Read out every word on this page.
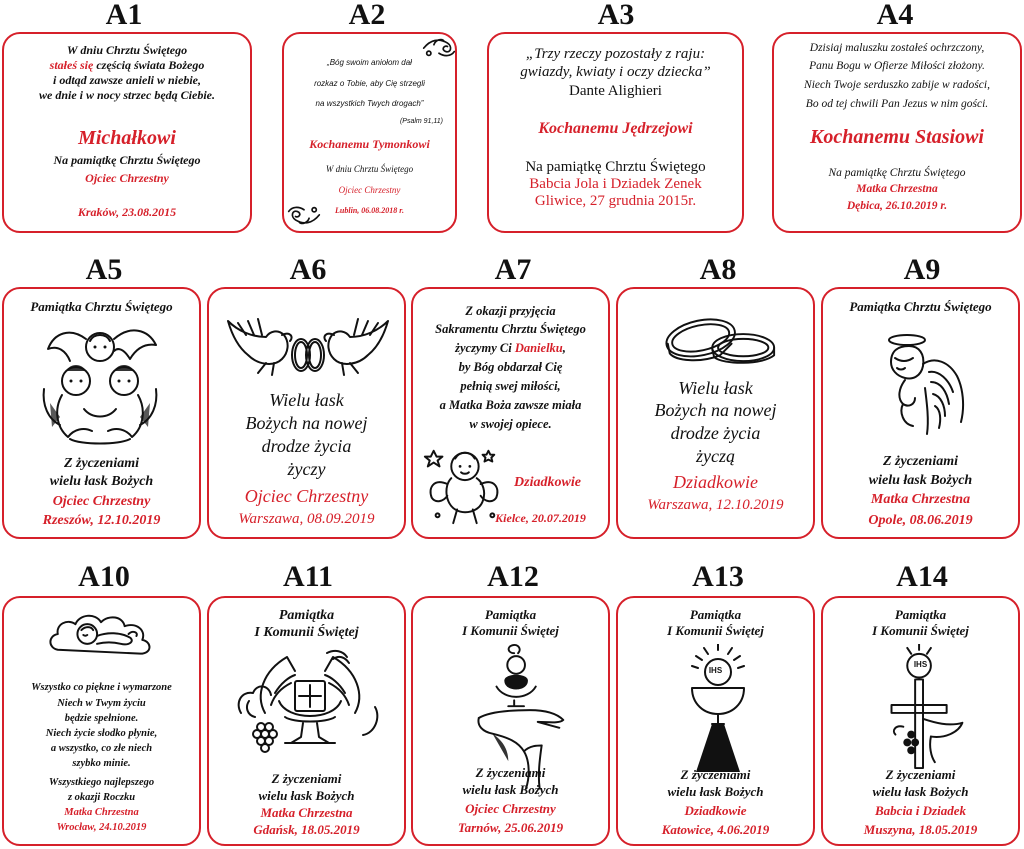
A1	A2	A3	A4
A5	A6	A7	A8	A9
A10	A11	A12	A13	A14
W dniu Chrztu Świętego
stałeś się częścią świata Bożego
i odtąd zawsze anieli w niebie,
we dnie i w nocy strzec będą Ciebie.
Michałkowi
Na pamiątkę Chrztu Świętego
Ojciec Chrzestny
Kraków, 23.08.2015
„Bóg swoim aniołom dał
rozkaz o Tobie, aby Cię strzegli
na wszystkich Twych drogach”
(Psalm 91,11)
Kochanemu Tymonkowi
W dniu Chrztu Świętego
Ojciec Chrzestny
Lublin, 06.08.2018 r.
„Trzy rzeczy pozostały z raju:
gwiazdy, kwiaty i oczy dziecka”
Dante Alighieri
Kochanemu Jędrzejowi
Na pamiątkę Chrztu Świętego
Babcia Jola i Dziadek Zenek
Gliwice, 27 grudnia 2015r.
Dzisiaj maluszku zostałeś ochrzczony,
Panu Bogu w Ofierze Miłości złożony.
Niech Twoje serduszko zabije w radości,
Bo od tej chwili Pan Jezus w nim gości.
Kochanemu Stasiowi
Na pamiątkę Chrztu Świętego
Matka Chrzestna
Dębica, 26.10.2019 r.
Pamiątka Chrztu Świętego
Z życzeniami
wielu łask Bożych
Ojciec Chrzestny
Rzeszów, 12.10.2019
Wielu łask
Bożych na nowej
drodze życia
życzy
Ojciec Chrzestny
Warszawa, 08.09.2019
Z okazji przyjęcia
Sakramentu Chrztu Świętego
życzymy Ci Danielku,
by Bóg obdarzał Cię
pełnią swej miłości,
a Matka Boża zawsze miała
w swojej opiece.
Dziadkowie
Kielce, 20.07.2019
Wielu łask
Bożych na nowej
drodze życia
życzą
Dziadkowie
Warszawa, 12.10.2019
Pamiątka Chrztu Świętego
Z życzeniami
wielu łask Bożych
Matka Chrzestna
Opole, 08.06.2019
Wszystko co piękne i wymarzone
Niech w Twym życiu
będzie spełnione.
Niech życie słodko płynie,
a wszystko, co złe niech
szybko minie.
Wszystkiego najlepszego
z okazji Roczku
Matka Chrzestna
Wrocław, 24.10.2019
Pamiątka
I Komunii Świętej
Z życzeniami
wielu łask Bożych
Matka Chrzestna
Gdańsk, 18.05.2019
Pamiątka
I Komunii Świętej
Z życzeniami
wielu łask Bożych
Ojciec Chrzestny
Tarnów, 25.06.2019
Pamiątka
I Komunii Świętej
IHS
Z życzeniami
wielu łask Bożych
Dziadkowie
Katowice, 4.06.2019
Pamiątka
I Komunii Świętej
IHS
Z życzeniami
wielu łask Bożych
Babcia i Dziadek
Muszyna, 18.05.2019
